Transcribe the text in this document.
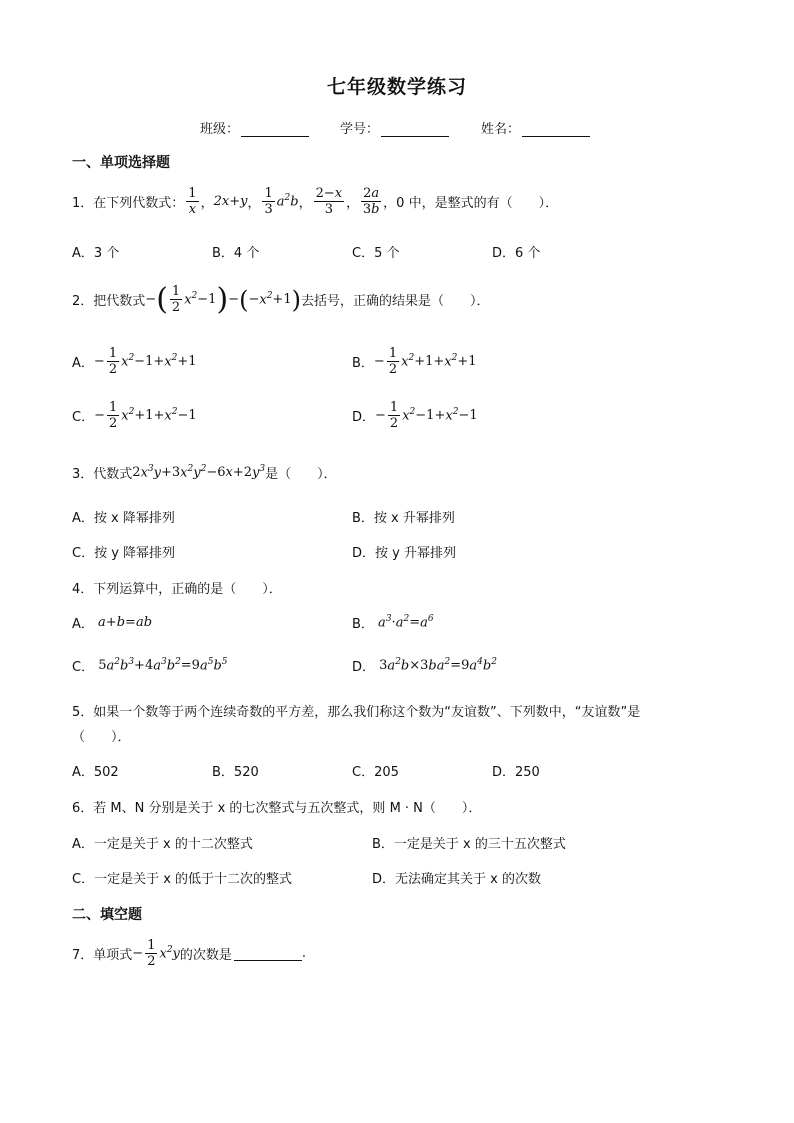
七年级数学练习
班级：	学号：	姓名：
一、单项选择题
1．在下列代数式： $\frac{1}{x}$ ， 2x + y ， $\frac{1}{3} a^2b$ ， $\frac{2-x}{3}$ ， $\frac{2a}{3b}$ ，0 中，是整式的有（　　）．
A．3 个	B．4 个	C．5 个	D．6 个
2．把代数式 − ( $\frac{1}{2} x^2 -1$ ) − ( − $x^2 +1$ ) 去括号，正确的结果是（　　）．
A． − $\frac{1}{2} x^2 -1+ x^2 +1$	B． − $\frac{1}{2} x^2 +1+ x^2 +1$
C． − $\frac{1}{2} x^2 +1+ x^2 -1$	D． − $\frac{1}{2} x^2 -1+ x^2 -1$
3．代数式 2 $x^3y +3$ $x^2y^2 -6$ x +2 $y^3$ 是（　　）．
A．按 x 降幂排列	B．按 x 升幂排列
C．按 y 降幂排列	D．按 y 升幂排列
4．下列运算中，正确的是（　　）．
A． a + b = ab	B． $a^3 \cdot a^2 = a^6$
C． 5 $a^2b^3 +4$ $a^3b^2 =9$ $a^5b^5$	D． 3 $a^2b \times 3$ $ba^2 =9$ $a^4b^2$
5．如果一个数等于两个连续奇数的平方差，那么我们称这个数为“友谊数”、下列数中，“友谊数”是
（　　）．
A．502	B．520	C．205	D．250
6．若 M、N 分别是关于 x 的七次整式与五次整式，则 M · N（　　）．
A．一定是关于 x 的十二次整式	B．一定是关于 x 的三十五次整式
C．一定是关于 x 的低于十二次的整式	D．无法确定其关于 x 的次数
二、填空题
7．单项式 − $\frac{1}{2} x^2y$ 的次数是	.
